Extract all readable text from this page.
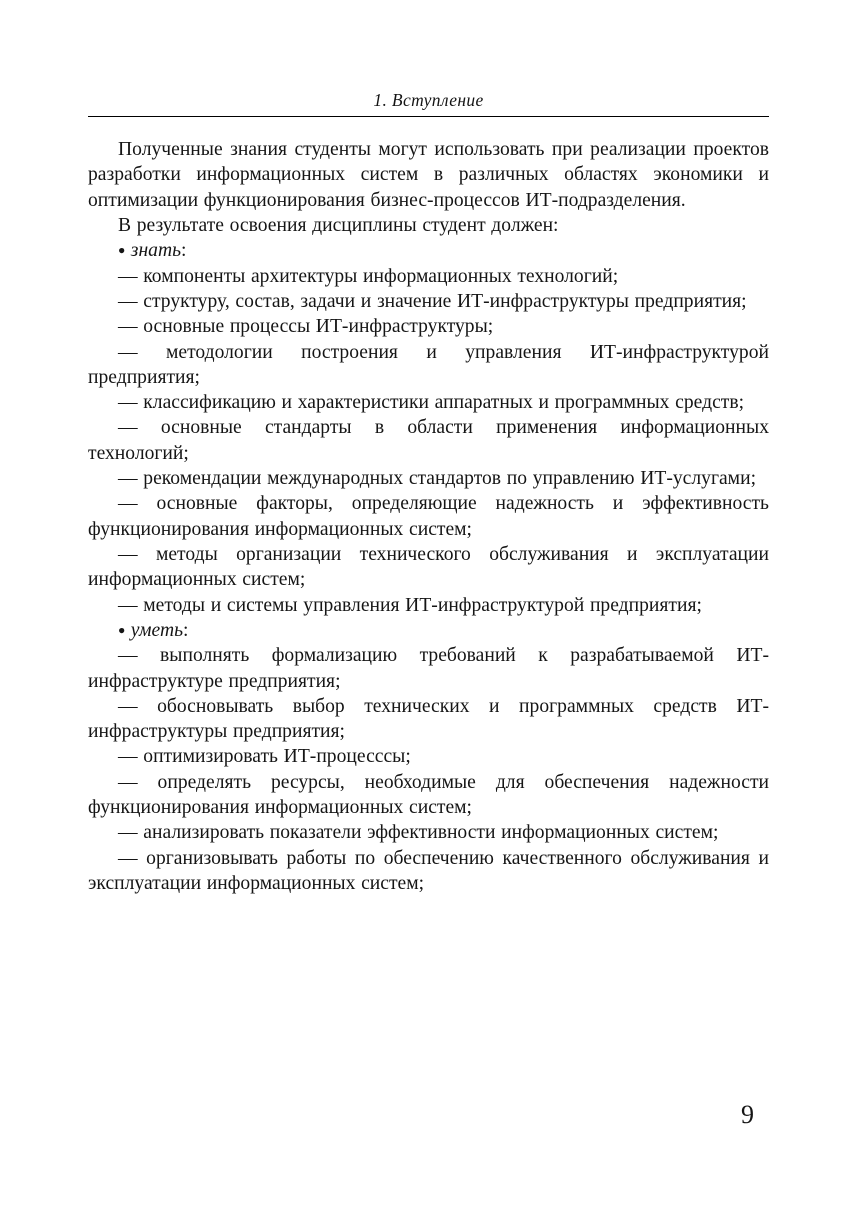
1. Вступление

Полученные знания студенты могут использовать при реализации проектов разработки информационных систем в различных областях экономики и оптимизации функционирования бизнес-процессов ИТ-подразделения.

В результате освоения дисциплины студент должен:

● знать:

— компоненты архитектуры информационных технологий;

— структуру, состав, задачи и значение ИТ-инфраструктуры предприятия;

— основные процессы ИТ-инфраструктуры;

— методологии построения и управления ИТ-инфраструктурой предприятия;

— классификацию и характеристики аппаратных и программных средств;

— основные стандарты в области применения информационных технологий;

— рекомендации международных стандартов по управлению ИТ-услугами;

— основные факторы, определяющие надежность и эффективность функционирования информационных систем;

— методы организации технического обслуживания и эксплуатации информационных систем;

— методы и системы управления ИТ-инфраструктурой предприятия;

● уметь:

— выполнять формализацию требований к разрабатываемой ИТ-инфраструктуре предприятия;

— обосновывать выбор технических и программных средств ИТ-инфраструктуры предприятия;

— оптимизировать ИТ-процесссы;

— определять ресурсы, необходимые для обеспечения надежности функционирования информационных систем;

— анализировать показатели эффективности информационных систем;

— организовывать работы по обеспечению качественного обслуживания и эксплуатации информационных систем;

9
